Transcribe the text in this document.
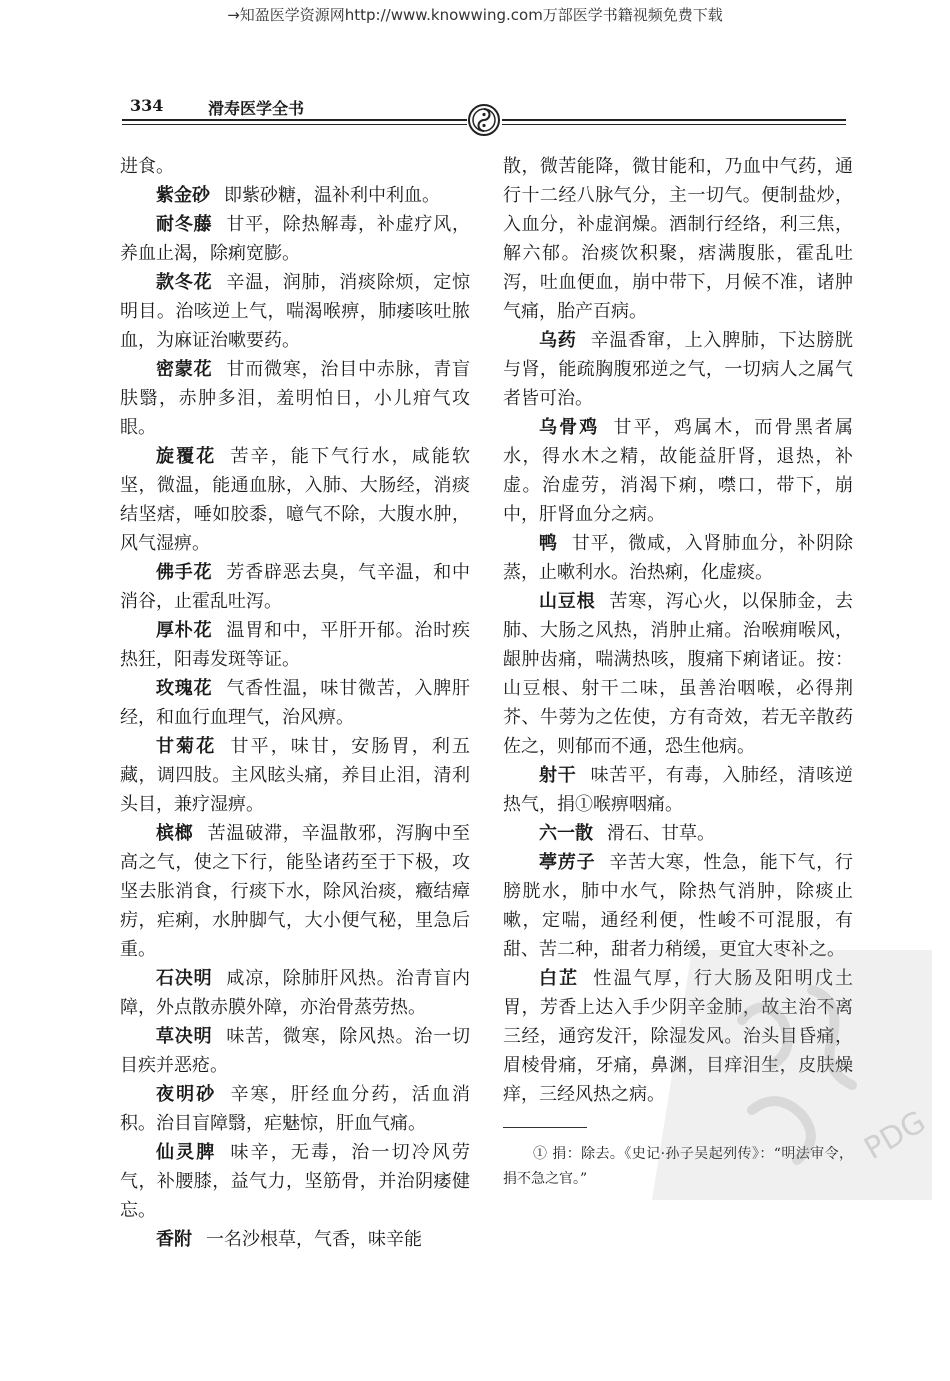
→知盈医学资源网http://www.knowwing.com万部医学书籍视频免费下载
334	滑寿医学全书

进食。

紫金砂 即紫砂糖，温补利中利血。

耐冬藤 甘平，除热解毒，补虚疗风，养血止渴，除痢宽膨。

款冬花 辛温，润肺，消痰除烦，定惊明目。治咳逆上气，喘渴喉痹，肺痿咳吐脓血，为麻证治嗽要药。

密蒙花 甘而微寒，治目中赤脉，青盲肤翳，赤肿多泪，羞明怕日，小儿疳气攻眼。

旋覆花 苦辛，能下气行水，咸能软坚，微温，能通血脉，入肺、大肠经，消痰结坚痞，唾如胶黍，噫气不除，大腹水肿，风气湿痹。

佛手花 芳香辟恶去臭，气辛温，和中消谷，止霍乱吐泻。

厚朴花 温胃和中，平肝开郁。治时疾热狂，阳毒发斑等证。

玫瑰花 气香性温，味甘微苦，入脾肝经，和血行血理气，治风痹。

甘菊花 甘平，味甘，安肠胃，利五藏，调四肢。主风眩头痛，养目止泪，清利头目，兼疗湿痹。

槟榔 苦温破滞，辛温散邪，泻胸中至高之气，使之下行，能坠诸药至于下极，攻坚去胀消食，行痰下水，除风治痰，癥结瘴疠，疟痢，水肿脚气，大小便气秘，里急后重。

石决明 咸凉，除肺肝风热。治青盲内障，外点散赤膜外障，亦治骨蒸劳热。

草决明 味苦，微寒，除风热。治一切目疾并恶疮。

夜明砂 辛寒，肝经血分药，活血消积。治目盲障翳，疟魅惊，肝血气痛。

仙灵脾 味辛，无毒，治一切冷风劳气，补腰膝，益气力，坚筋骨，并治阴痿健忘。

香附 一名沙根草，气香，味辛能

散，微苦能降，微甘能和，乃血中气药，通行十二经八脉气分，主一切气。便制盐炒，入血分，补虚润燥。酒制行经络，利三焦，解六郁。治痰饮积聚，痞满腹胀，霍乱吐泻，吐血便血，崩中带下，月候不准，诸肿气痛，胎产百病。

乌药 辛温香窜，上入脾肺，下达膀胱与肾，能疏胸腹邪逆之气，一切病人之属气者皆可治。

乌骨鸡 甘平，鸡属木，而骨黑者属水，得水木之精，故能益肝肾，退热，补虚。治虚劳，消渴下痢，噤口，带下，崩中，肝肾血分之病。

鸭 甘平，微咸，入肾肺血分，补阴除蒸，止嗽利水。治热痢，化虚痰。

山豆根 苦寒，泻心火，以保肺金，去肺、大肠之风热，消肿止痛。治喉痈喉风，龈肿齿痛，喘满热咳，腹痛下痢诸证。按：山豆根、射干二味，虽善治咽喉，必得荆芥、牛蒡为之佐使，方有奇效，若无辛散药佐之，则郁而不通，恐生他病。

射干 味苦平，有毒，入肺经，清咳逆热气，捐①喉痹咽痛。

六一散 滑石、甘草。

葶苈子 辛苦大寒，性急，能下气，行膀胱水，肺中水气，除热气消肿，除痰止嗽，定喘，通经利便，性峻不可混服，有甜、苦二种，甜者力稍缓，更宜大枣补之。

白芷 性温气厚，行大肠及阳明戊土胃，芳香上达入手少阴辛金肺，故主治不离三经，通窍发汗，除湿发风。治头目昏痛，眉棱骨痛，牙痛，鼻渊，目痒泪生，皮肤燥痒，三经风热之病。

① 捐：除去。《史记·孙子吴起列传》：“明法审令，捐不急之官。”

PDG
